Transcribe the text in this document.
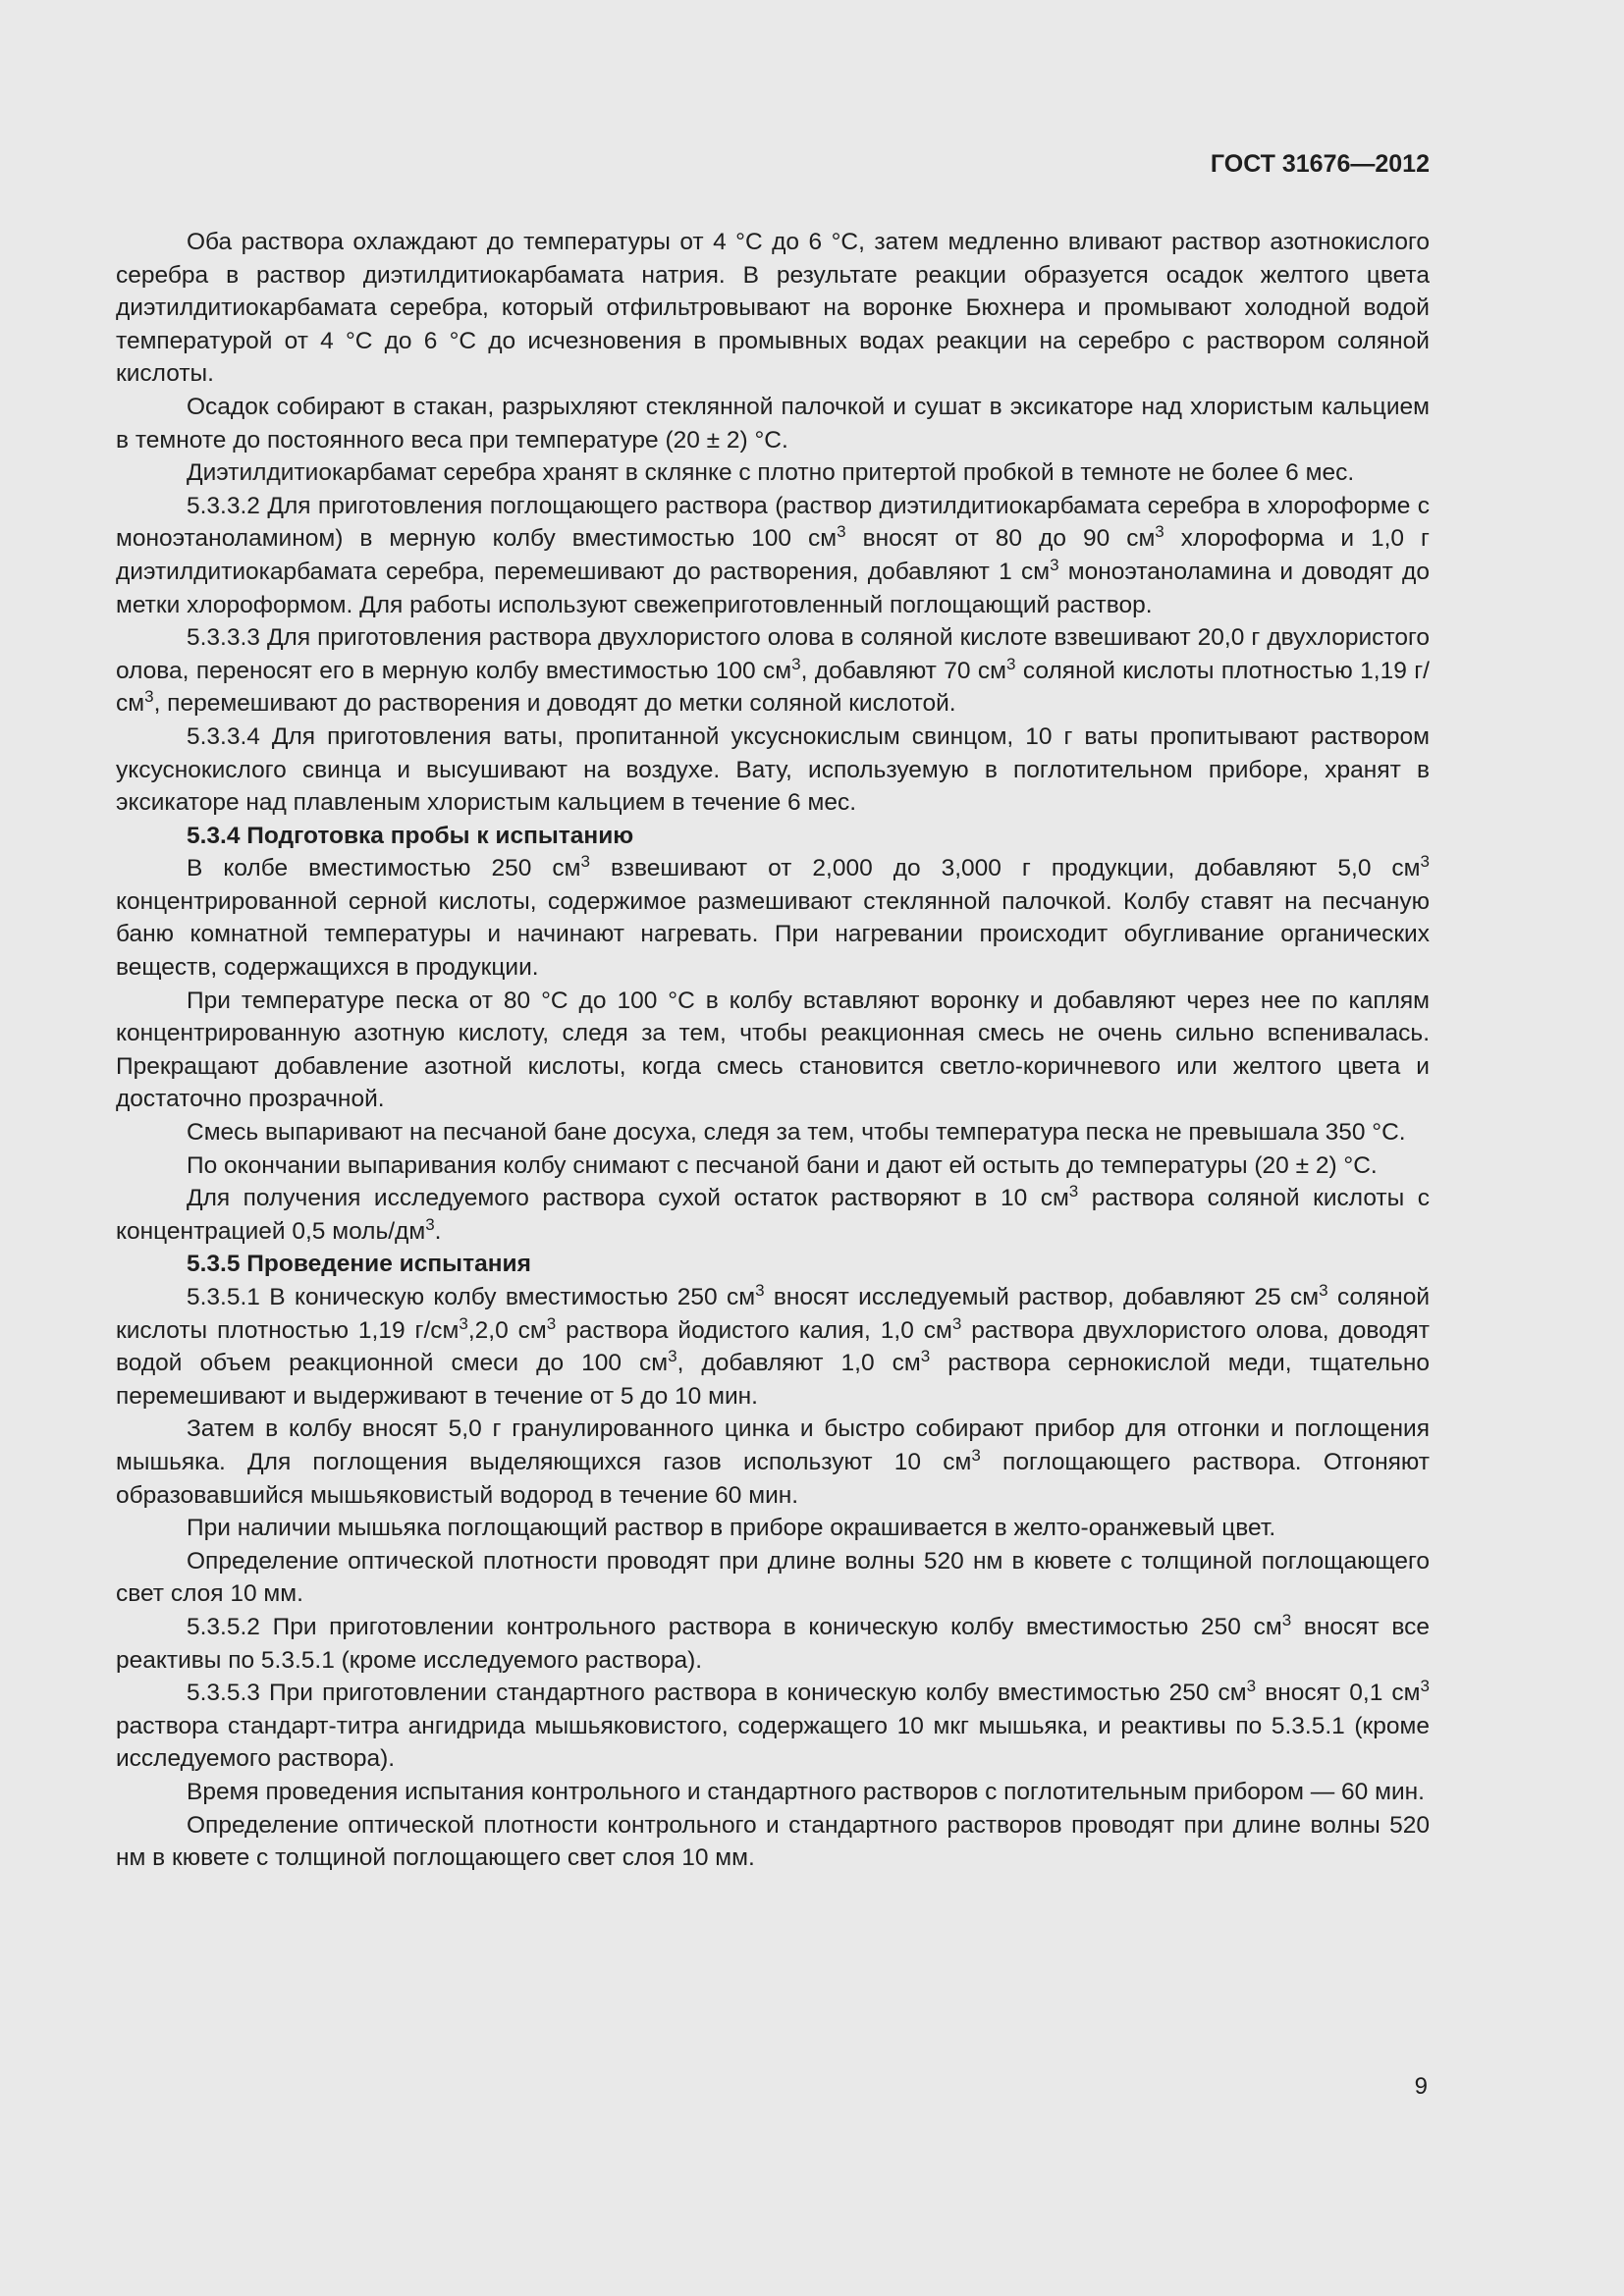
ГОСТ 31676—2012

Оба раствора охлаждают до температуры от 4 °С до 6 °С, затем медленно вливают раствор азотнокислого серебра в раствор диэтилдитиокарбамата натрия. В результате реакции образуется осадок желтого цвета диэтилдитиокарбамата серебра, который отфильтровывают на воронке Бюхнера и промывают холодной водой температурой от 4 °С до 6 °С до исчезновения в промывных водах реакции на серебро с раствором соляной кислоты.

Осадок собирают в стакан, разрыхляют стеклянной палочкой и сушат в эксикаторе над хлористым кальцием в темноте до постоянного веса при температуре (20 ± 2) °С.

Диэтилдитиокарбамат серебра хранят в склянке с плотно притертой пробкой в темноте не более 6 мес.

5.3.3.2 Для приготовления поглощающего раствора (раствор диэтилдитиокарбамата серебра в хлороформе с моноэтаноламином) в мерную колбу вместимостью 100 $см^3$ вносят от 80 до 90 $см^3$ хлороформа и 1,0 г диэтилдитиокарбамата серебра, перемешивают до растворения, добавляют 1 $см^3$ моноэтаноламина и доводят до метки хлороформом. Для работы используют свежеприготовленный поглощающий раствор.

5.3.3.3 Для приготовления раствора двухлористого олова в соляной кислоте взвешивают 20,0 г двухлористого олова, переносят его в мерную колбу вместимостью 100 $см^3$, добавляют 70 $см^3$ соляной кислоты плотностью 1,19 $г/см^3$, перемешивают до растворения и доводят до метки соляной кислотой.

5.3.3.4 Для приготовления ваты, пропитанной уксуснокислым свинцом, 10 г ваты пропитывают раствором уксуснокислого свинца и высушивают на воздухе. Вату, используемую в поглотительном приборе, хранят в эксикаторе над плавленым хлористым кальцием в течение 6 мес.

5.3.4 Подготовка пробы к испытанию

В колбе вместимостью 250 $см^3$ взвешивают от 2,000 до 3,000 г продукции, добавляют 5,0 $см^3$ концентрированной серной кислоты, содержимое размешивают стеклянной палочкой. Колбу ставят на песчаную баню комнатной температуры и начинают нагревать. При нагревании происходит обугливание органических веществ, содержащихся в продукции.

При температуре песка от 80 °С до 100 °С в колбу вставляют воронку и добавляют через нее по каплям концентрированную азотную кислоту, следя за тем, чтобы реакционная смесь не очень сильно вспенивалась. Прекращают добавление азотной кислоты, когда смесь становится светло-коричневого или желтого цвета и достаточно прозрачной.

Смесь выпаривают на песчаной бане досуха, следя за тем, чтобы температура песка не превышала 350 °С.

По окончании выпаривания колбу снимают с песчаной бани и дают ей остыть до температуры (20 ± 2) °С.

Для получения исследуемого раствора сухой остаток растворяют в 10 $см^3$ раствора соляной кислоты с концентрацией 0,5 моль/$дм^3$.

5.3.5 Проведение испытания

5.3.5.1 В коническую колбу вместимостью 250 $см^3$ вносят исследуемый раствор, добавляют 25 $см^3$ соляной кислоты плотностью 1,19 $г/см^3,2,0$ $см^3$ раствора йодистого калия, 1,0 $см^3$ раствора двухлористого олова, доводят водой объем реакционной смеси до 100 $см^3$, добавляют 1,0 $см^3$ раствора сернокислой меди, тщательно перемешивают и выдерживают в течение от 5 до 10 мин.

Затем в колбу вносят 5,0 г гранулированного цинка и быстро собирают прибор для отгонки и поглощения мышьяка. Для поглощения выделяющихся газов используют 10 $см^3$ поглощающего раствора. Отгоняют образовавшийся мышьяковистый водород в течение 60 мин.

При наличии мышьяка поглощающий раствор в приборе окрашивается в желто-оранжевый цвет.

Определение оптической плотности проводят при длине волны 520 нм в кювете с толщиной поглощающего свет слоя 10 мм.

5.3.5.2 При приготовлении контрольного раствора в коническую колбу вместимостью 250 $см^3$ вносят все реактивы по 5.3.5.1 (кроме исследуемого раствора).

5.3.5.3 При приготовлении стандартного раствора в коническую колбу вместимостью 250 $см^3$ вносят 0,1 $см^3$ раствора стандарт-титра ангидрида мышьяковистого, содержащего 10 мкг мышьяка, и реактивы по 5.3.5.1 (кроме исследуемого раствора).

Время проведения испытания контрольного и стандартного растворов с поглотительным прибором — 60 мин.

Определение оптической плотности контрольного и стандартного растворов проводят при длине волны 520 нм в кювете с толщиной поглощающего свет слоя 10 мм.

9
